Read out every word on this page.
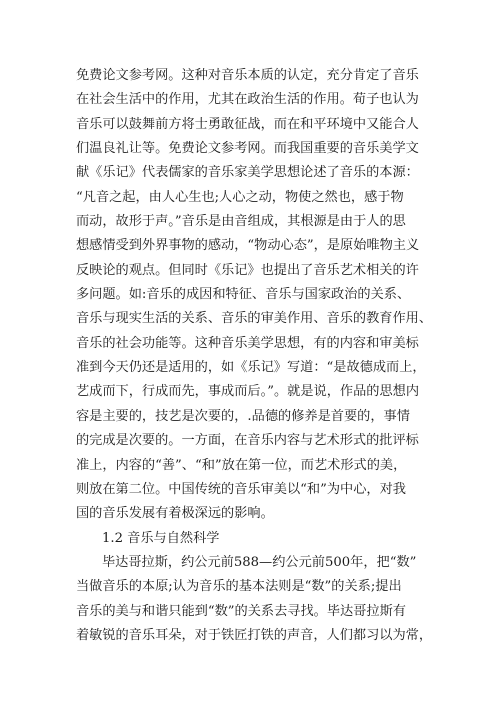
免费论文参考网。这种对音乐本质的认定，充分肯定了音乐
在社会生活中的作用，尤其在政治生活的作用。荀子也认为
音乐可以鼓舞前方将士勇敢征战，而在和平环境中又能合人
们温良礼让等。免费论文参考网。而我国重要的音乐美学文
献《乐记》代表儒家的音乐家美学思想论述了音乐的本源：
“凡音之起，由人心生也;人心之动，物使之然也，感于物
而动，故形于声。”音乐是由音组成，其根源是由于人的思
想感情受到外界事物的感动，“物动心态”，是原始唯物主义
反映论的观点。但同时《乐记》也提出了音乐艺术相关的许
多问题。如:音乐的成因和特征、音乐与国家政治的关系、
音乐与现实生活的关系、音乐的审美作用、音乐的教育作用、
音乐的社会功能等。这种音乐美学思想，有的内容和审美标
准到今天仍还是适用的，如《乐记》写道：“是故德成而上，
艺成而下，行成而先，事成而后。”。就是说，作品的思想内
容是主要的，技艺是次要的，.品德的修养是首要的，事情
的完成是次要的。一方面，在音乐内容与艺术形式的批评标
准上，内容的“善”、“和”放在第一位，而艺术形式的美，
则放在第二位。中国传统的音乐审美以“和”为中心，对我
国的音乐发展有着极深远的影响。
1.2 音乐与自然科学
毕达哥拉斯，约公元前588—约公元前500年，把“数”
当做音乐的本原;认为音乐的基本法则是“数”的关系;提出
音乐的美与和谐只能到“数”的关系去寻找。毕达哥拉斯有
着敏锐的音乐耳朵，对于铁匠打铁的声音，人们都习以为常，
